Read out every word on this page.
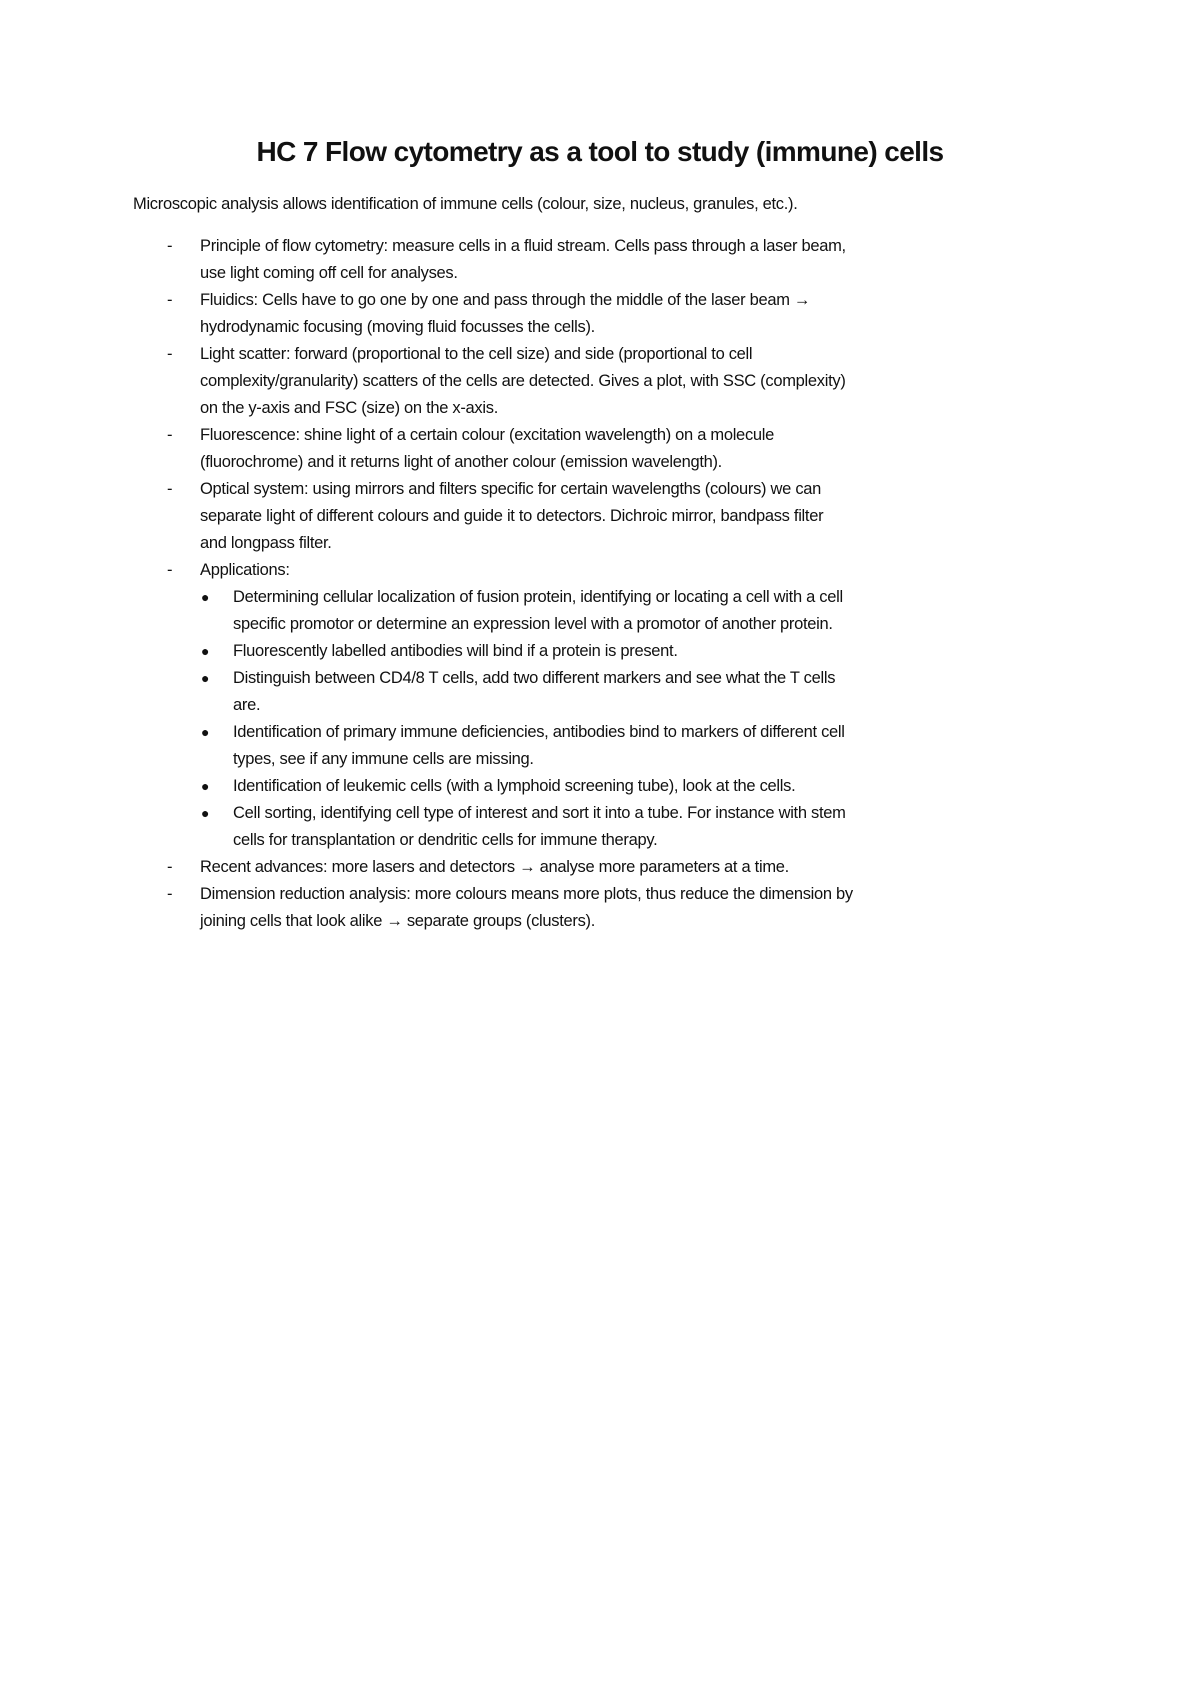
HC 7 Flow cytometry as a tool to study (immune) cells
Microscopic analysis allows identification of immune cells (colour, size, nucleus, granules, etc.).
- Principle of flow cytometry: measure cells in a fluid stream. Cells pass through a laser beam,
use light coming off cell for analyses.
- Fluidics: Cells have to go one by one and pass through the middle of the laser beam →
hydrodynamic focusing (moving fluid focusses the cells).
- Light scatter: forward (proportional to the cell size) and side (proportional to cell
complexity/granularity) scatters of the cells are detected. Gives a plot, with SSC (complexity)
on the y-axis and FSC (size) on the x-axis.
- Fluorescence: shine light of a certain colour (excitation wavelength) on a molecule
(fluorochrome) and it returns light of another colour (emission wavelength).
- Optical system: using mirrors and filters specific for certain wavelengths (colours) we can
separate light of different colours and guide it to detectors. Dichroic mirror, bandpass filter
and longpass filter.
- Applications:
● Determining cellular localization of fusion protein, identifying or locating a cell with a cell
specific promotor or determine an expression level with a promotor of another protein.
● Fluorescently labelled antibodies will bind if a protein is present.
● Distinguish between CD4/8 T cells, add two different markers and see what the T cells
are.
● Identification of primary immune deficiencies, antibodies bind to markers of different cell
types, see if any immune cells are missing.
● Identification of leukemic cells (with a lymphoid screening tube), look at the cells.
● Cell sorting, identifying cell type of interest and sort it into a tube. For instance with stem
cells for transplantation or dendritic cells for immune therapy.
- Recent advances: more lasers and detectors → analyse more parameters at a time.
- Dimension reduction analysis: more colours means more plots, thus reduce the dimension by
joining cells that look alike → separate groups (clusters).
